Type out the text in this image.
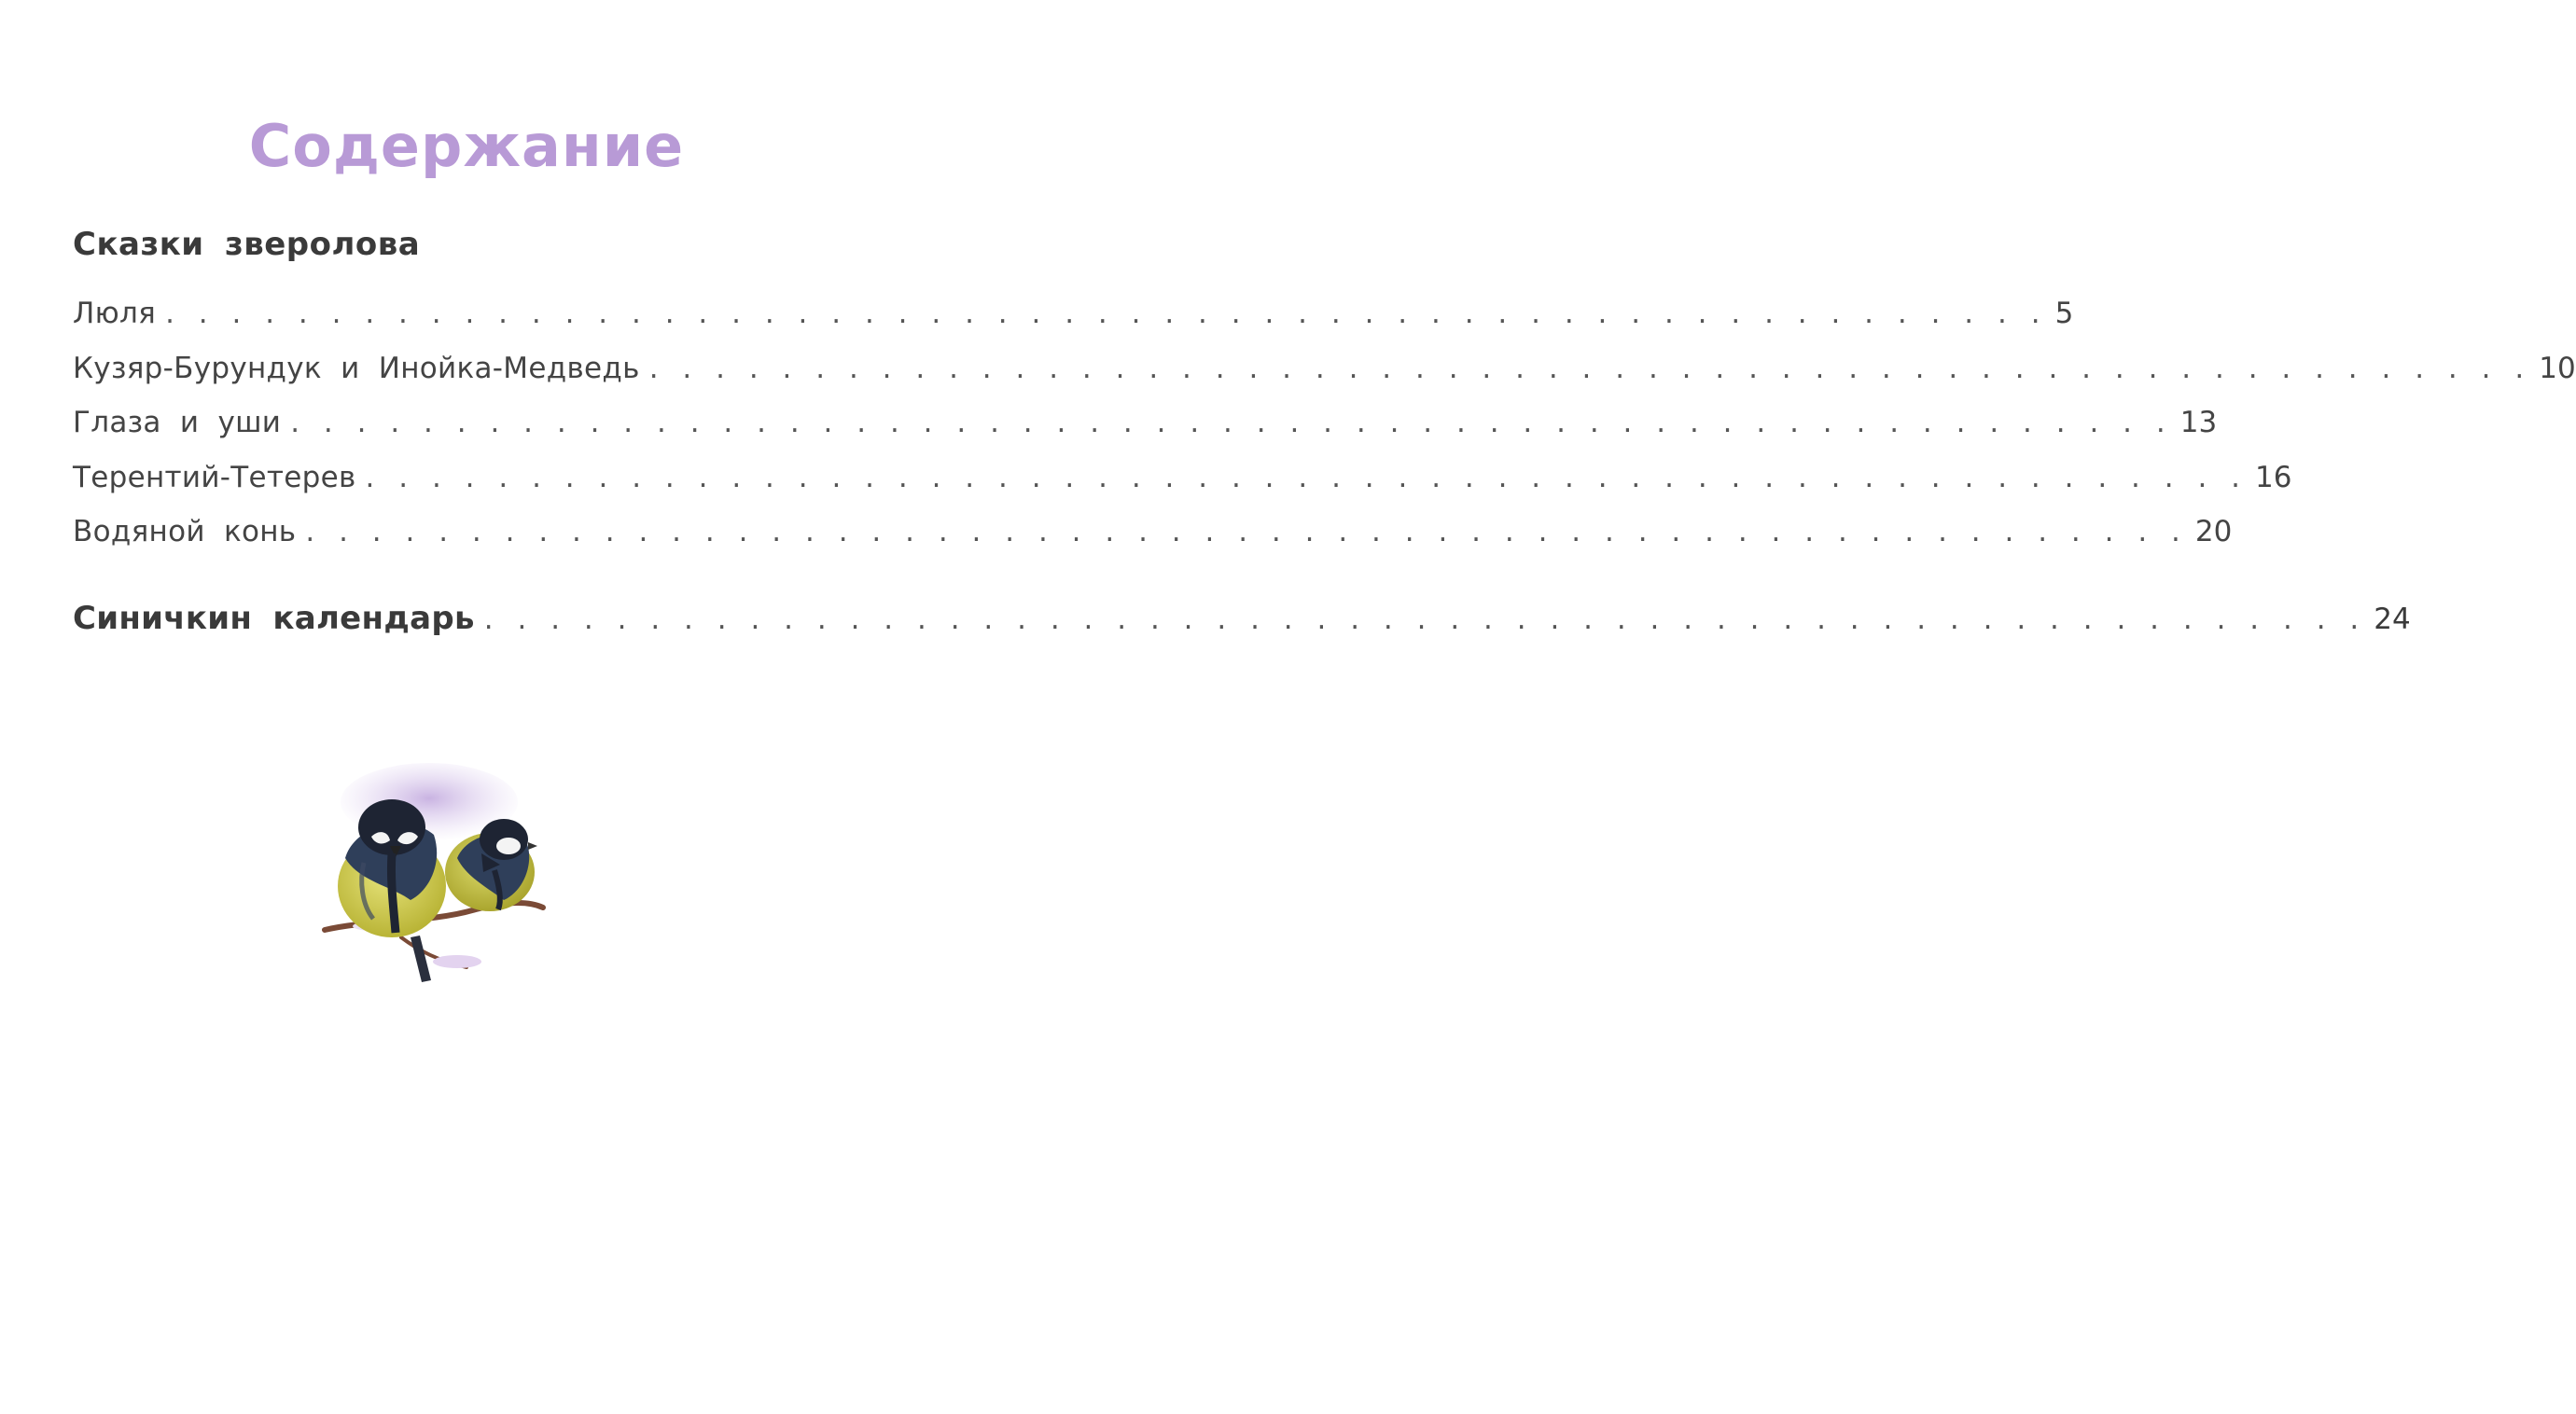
Содержание
Сказки зверолова
Люля . . . . . . . . . . . . . . . . . . . . . . . . . . . . . . . . . . . . . . . . . . . . . . . . . . . . . . . . . 5
Кузяр-Бурундук и Инойка-Медведь . . . . . . . . . . . . . . . . . . . . . . . . . . . . . . . . . . . . . . . . . . . . . . . . . . . . . . . . . 10
Глаза и уши . . . . . . . . . . . . . . . . . . . . . . . . . . . . . . . . . . . . . . . . . . . . . . . . . . . . . . . . . 13
Терентий-Тетерев . . . . . . . . . . . . . . . . . . . . . . . . . . . . . . . . . . . . . . . . . . . . . . . . . . . . . . . . . 16
Водяной конь . . . . . . . . . . . . . . . . . . . . . . . . . . . . . . . . . . . . . . . . . . . . . . . . . . . . . . . . . 20
Синичкин календарь . . . . . . . . . . . . . . . . . . . . . . . . . . . . . . . . . . . . . . . . . . . . . . . . . . . . . . . . . 24
